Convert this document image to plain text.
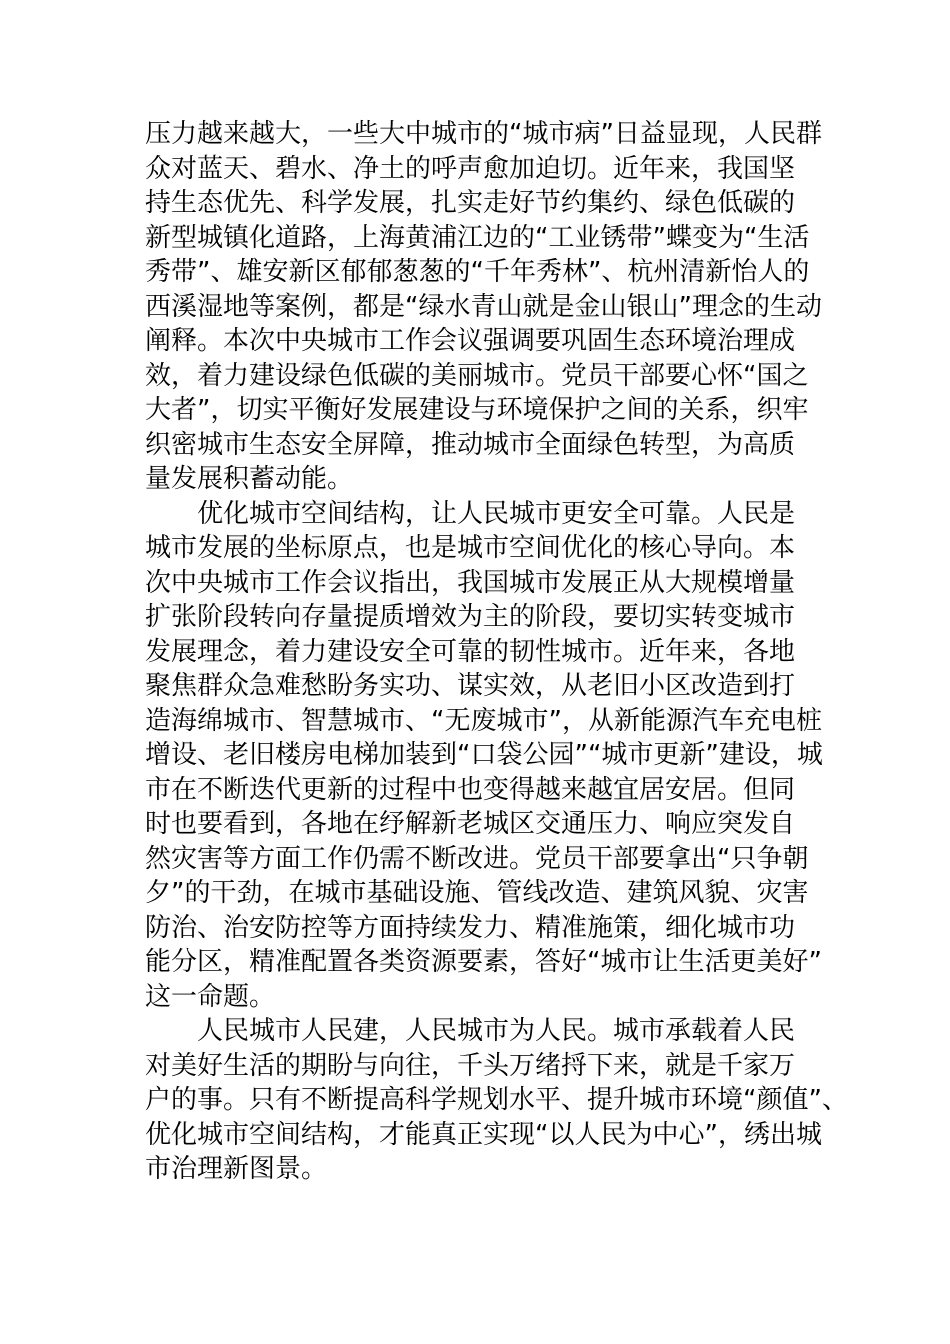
压力越来越大，一些大中城市的“城市病”日益显现，人民群
众对蓝天、碧水、净土的呼声愈加迫切。近年来，我国坚
持生态优先、科学发展，扎实走好节约集约、绿色低碳的
新型城镇化道路，上海黄浦江边的“工业锈带”蝶变为“生活
秀带”、雄安新区郁郁葱葱的“千年秀林”、杭州清新怡人的
西溪湿地等案例，都是“绿水青山就是金山银山”理念的生动
阐释。本次中央城市工作会议强调要巩固生态环境治理成
效，着力建设绿色低碳的美丽城市。党员干部要心怀“国之
大者”，切实平衡好发展建设与环境保护之间的关系，织牢
织密城市生态安全屏障，推动城市全面绿色转型，为高质
量发展积蓄动能。

优化城市空间结构，让人民城市更安全可靠。人民是
城市发展的坐标原点，也是城市空间优化的核心导向。本
次中央城市工作会议指出，我国城市发展正从大规模增量
扩张阶段转向存量提质增效为主的阶段，要切实转变城市
发展理念，着力建设安全可靠的韧性城市。近年来，各地
聚焦群众急难愁盼务实功、谋实效，从老旧小区改造到打
造海绵城市、智慧城市、“无废城市”，从新能源汽车充电桩
增设、老旧楼房电梯加装到“口袋公园”“城市更新”建设，城
市在不断迭代更新的过程中也变得越来越宜居安居。但同
时也要看到，各地在纾解新老城区交通压力、响应突发自
然灾害等方面工作仍需不断改进。党员干部要拿出“只争朝
夕”的干劲，在城市基础设施、管线改造、建筑风貌、灾害
防治、治安防控等方面持续发力、精准施策，细化城市功
能分区，精准配置各类资源要素，答好“城市让生活更美好”
这一命题。

人民城市人民建，人民城市为人民。城市承载着人民
对美好生活的期盼与向往，千头万绪捋下来，就是千家万
户的事。只有不断提高科学规划水平、提升城市环境“颜值”、
优化城市空间结构，才能真正实现“以人民为中心”，绣出城
市治理新图景。
